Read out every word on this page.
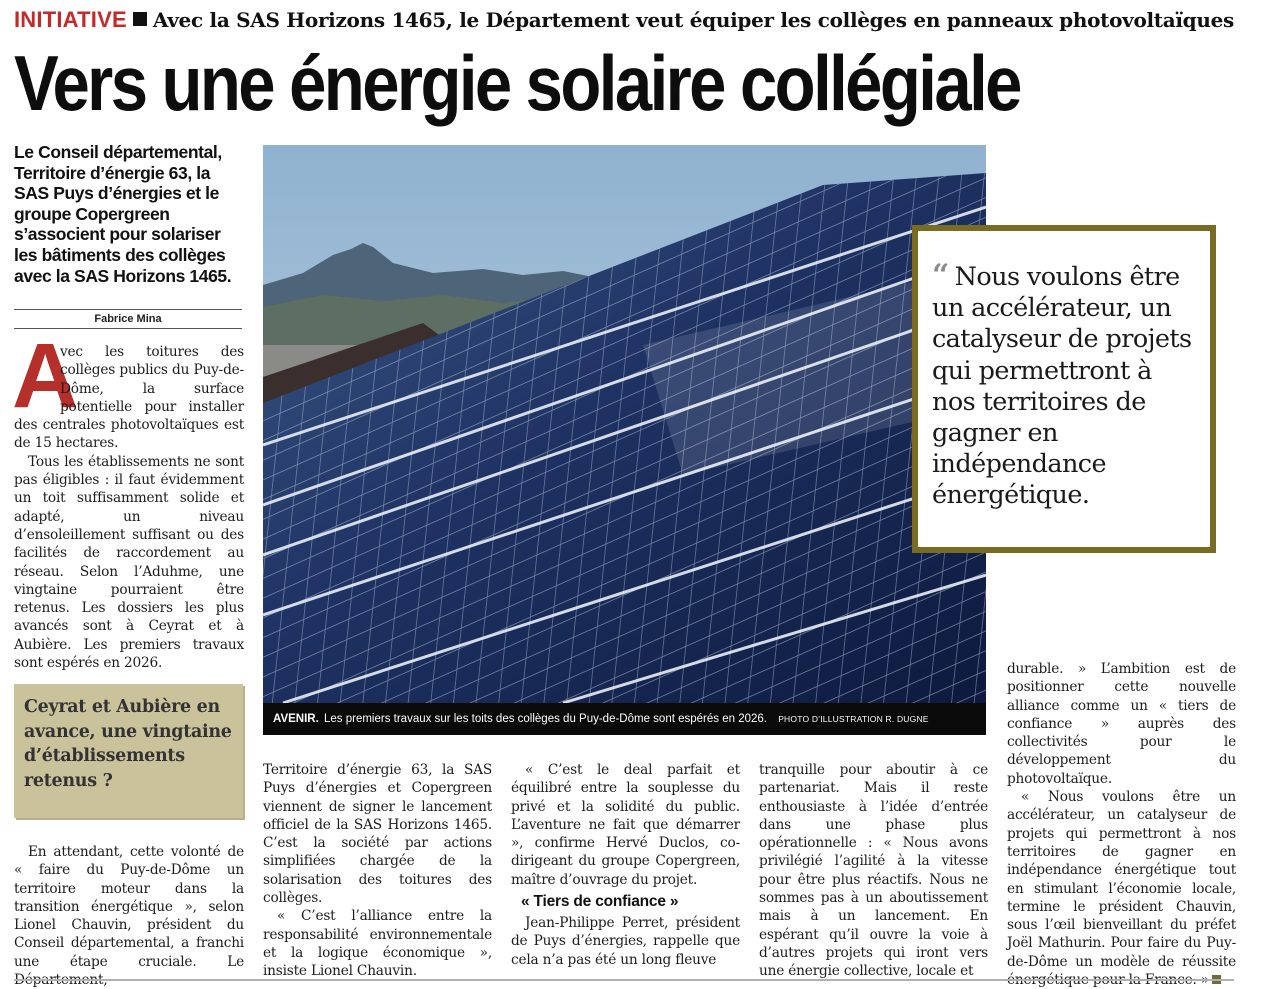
INITIATIVE Avec la SAS Horizons 1465, le Département veut équiper les collèges en panneaux photovoltaïques
Vers une énergie solaire collégiale
Le Conseil départemental, Territoire d’énergie 63, la SAS Puys d’énergies et le groupe Copergreen s’associent pour solariser les bâtiments des collèges avec la SAS Horizons 1465.
Fabrice Mina
A

vec les toitures des collèges publics du Puy-de-Dôme, la surface potentielle pour installer des centrales photovoltaïques est de 15 hectares.

Tous les établissements ne sont pas éligibles : il faut évidemment un toit suffisamment solide et adapté, un niveau d’ensoleillement suffisant ou des facilités de raccordement au réseau. Selon l’Aduhme, une vingtaine pourraient être retenus. Les dossiers les plus avancés sont à Ceyrat et à Aubière. Les premiers travaux sont espérés en 2026.

Ceyrat et Aubière en avance, une vingtaine d’établissements retenus ?

En attendant, cette volonté de « faire du Puy-de-Dôme un territoire moteur dans la transition énergétique », selon Lionel Chauvin, président du Conseil départemental, a franchi une étape cruciale. Le Département,

AVENIR. Les premiers travaux sur les toits des collèges du Puy-de-Dôme sont espérés en 2026. PHOTO D’ILLUSTRATION R. DUGNE
“ Nous voulons être un accélérateur, un catalyseur de projets qui permettront à nos territoires de gagner en indépendance énergétique.

Territoire d’énergie 63, la SAS Puys d’énergies et Copergreen viennent de signer le lancement officiel de la SAS Horizons 1465. C’est la société par actions simplifiées chargée de la solarisation des toitures des collèges.

« C’est l’alliance entre la responsabilité environnementale et la logique économique », insiste Lionel Chauvin.

« C’est le deal parfait et équilibré entre la souplesse du privé et la solidité du public. L’aventure ne fait que démarrer », confirme Hervé Duclos, co-dirigeant du groupe Copergreen, maître d’ouvrage du projet.

« Tiers de confiance »

Jean-Philippe Perret, président de Puys d’énergies, rappelle que cela n’a pas été un long fleuve

tranquille pour aboutir à ce partenariat. Mais il reste enthousiaste à l’idée d’entrée dans une phase plus opérationnelle : « Nous avons privilégié l’agilité à la vitesse pour être plus réactifs. Nous ne sommes pas à un aboutissement mais à un lancement. En espérant qu’il ouvre la voie à d’autres projets qui iront vers une énergie collective, locale et

durable. » L’ambition est de positionner cette nouvelle alliance comme un « tiers de confiance » auprès des collectivités pour le développement du photovoltaïque.

« Nous voulons être un accélérateur, un catalyseur de projets qui permettront à nos territoires de gagner en indépendance énergétique tout en stimulant l’économie locale, termine le président Chauvin, sous l’œil bienveillant du préfet Joël Mathurin. Pour faire du Puy-de-Dôme un modèle de réussite énergétique pour la France. »
